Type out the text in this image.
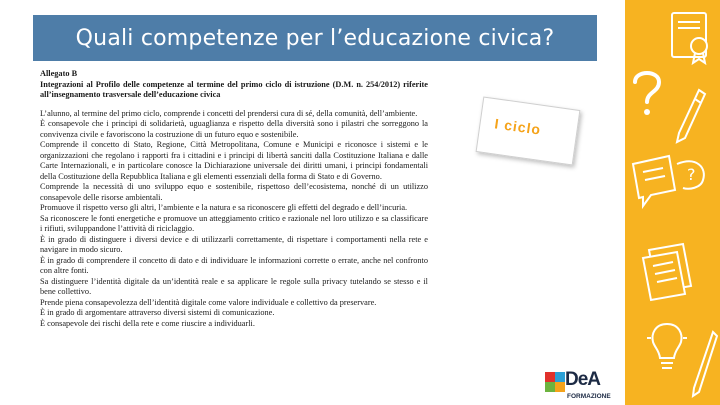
Quali competenze per l’educazione civica?
Allegato B

Integrazioni al Profilo delle competenze al termine del primo ciclo di istruzione (D.M. n. 254/2012) riferite all’insegnamento trasversale dell’educazione civica

L’alunno, al termine del primo ciclo, comprende i concetti del prendersi cura di sé, della comunità, dell’ambiente.

È consapevole che i principi di solidarietà, uguaglianza e rispetto della diversità sono i pilastri che sorreggono la convivenza civile e favoriscono la costruzione di un futuro equo e sostenibile.

Comprende il concetto di Stato, Regione, Città Metropolitana, Comune e Municipi e riconosce i sistemi e le organizzazioni che regolano i rapporti fra i cittadini e i principi di libertà sanciti dalla Costituzione Italiana e dalle Carte Internazionali, e in particolare conosce la Dichiarazione universale dei diritti umani, i principi fondamentali della Costituzione della Repubblica Italiana e gli elementi essenziali della forma di Stato e di Governo.

Comprende la necessità di uno sviluppo equo e sostenibile, rispettoso dell’ecosistema, nonché di un utilizzo consapevole delle risorse ambientali.

Promuove il rispetto verso gli altri, l’ambiente e la natura e sa riconoscere gli effetti del degrado e dell’incuria.

Sa riconoscere le fonti energetiche e promuove un atteggiamento critico e razionale nel loro utilizzo e sa classificare i rifiuti, sviluppandone l’attività di riciclaggio.

È in grado di distinguere i diversi device e di utilizzarli correttamente, di rispettare i comportamenti nella rete e navigare in modo sicuro.

È in grado di comprendere il concetto di dato e di individuare le informazioni corrette o errate, anche nel confronto con altre fonti.

Sa distinguere l’identità digitale da un’identità reale e sa applicare le regole sulla privacy tutelando se stesso e il bene collettivo.

Prende piena consapevolezza dell’identità digitale come valore individuale e collettivo da preservare.

È in grado di argomentare attraverso diversi sistemi di comunicazione.

È consapevole dei rischi della rete e come riuscire a individuarli.

I ciclo
?
DeA
FORMAZIONE
